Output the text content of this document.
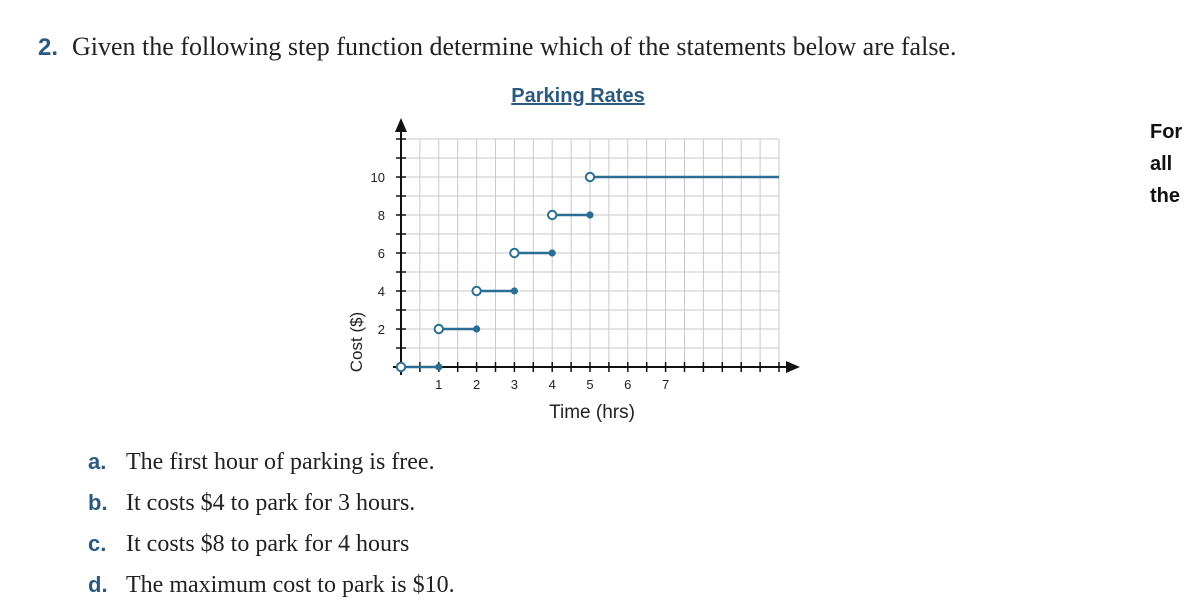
2. Given the following step function determine which of the statements below are false.
For
all
the
Parking Rates
1 2 3 4 5 6 7
2
4
6
8
10
Time (hrs)
Cost ($)
a. The first hour of parking is free.
b. It costs $4 to park for 3 hours.
c. It costs $8 to park for 4 hours
d. The maximum cost to park is $10.
